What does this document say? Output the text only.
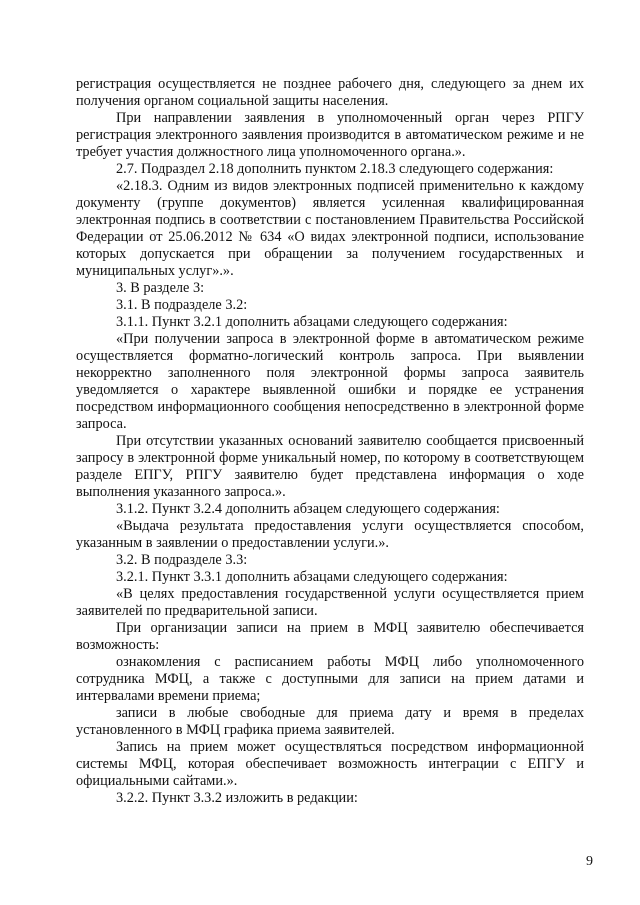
регистрация осуществляется не позднее рабочего дня, следующего за днем их получения органом социальной защиты населения.

При направлении заявления в уполномоченный орган через РПГУ регистрация электронного заявления производится в автоматическом режиме и не требует участия должностного лица уполномоченного органа.».

2.7. Подраздел 2.18 дополнить пунктом 2.18.3 следующего содержания:

«2.18.3. Одним из видов электронных подписей применительно к каждому документу (группе документов) является усиленная квалифицированная электронная подпись в соответствии с постановлением Правительства Российской Федерации от 25.06.2012 № 634 «О видах электронной подписи, использование которых допускается при обращении за получением государственных и муниципальных услуг».».

3. В разделе 3:

3.1. В подразделе 3.2:

3.1.1. Пункт 3.2.1 дополнить абзацами следующего содержания:

«При получении запроса в электронной форме в автоматическом режиме осуществляется форматно-логический контроль запроса. При выявлении некорректно заполненного поля электронной формы запроса заявитель уведомляется о характере выявленной ошибки и порядке ее устранения посредством информационного сообщения непосредственно в электронной форме запроса.

При отсутствии указанных оснований заявителю сообщается присвоенный запросу в электронной форме уникальный номер, по которому в соответствующем разделе ЕПГУ, РПГУ заявителю будет представлена информация о ходе выполнения указанного запроса.».

3.1.2. Пункт 3.2.4 дополнить абзацем следующего содержания:

«Выдача результата предоставления услуги осуществляется способом, указанным в заявлении о предоставлении услуги.».

3.2. В подразделе 3.3:

3.2.1. Пункт 3.3.1 дополнить абзацами следующего содержания:

«В целях предоставления государственной услуги осуществляется прием заявителей по предварительной записи.

При организации записи на прием в МФЦ заявителю обеспечивается возможность:

ознакомления с расписанием работы МФЦ либо уполномоченного сотрудника МФЦ, а также с доступными для записи на прием датами и интервалами времени приема;

записи в любые свободные для приема дату и время в пределах установленного в МФЦ графика приема заявителей.

Запись на прием может осуществляться посредством информационной системы МФЦ, которая обеспечивает возможность интеграции с ЕПГУ и официальными сайтами.».

3.2.2. Пункт 3.3.2 изложить в редакции:

9
